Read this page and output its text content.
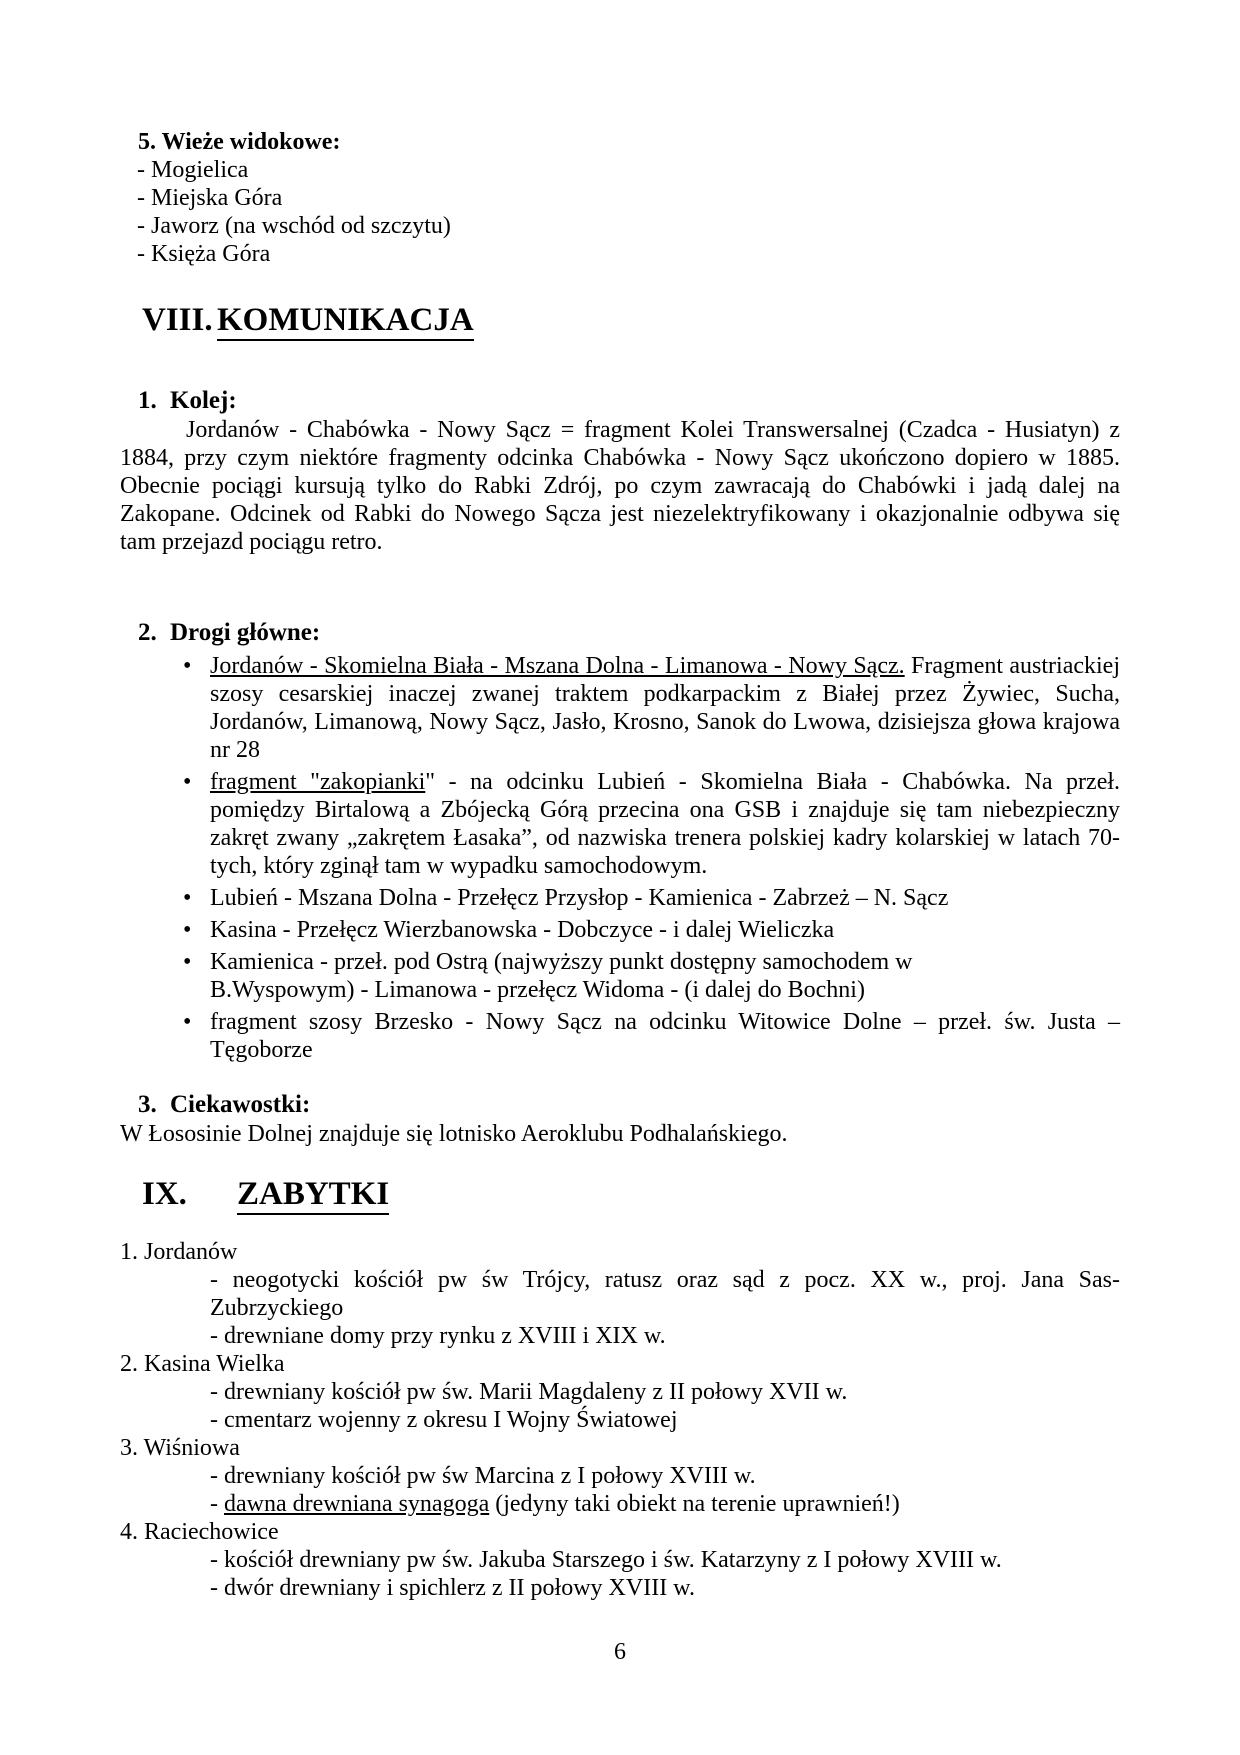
5. Wieże widokowe:

- Mogielica

- Miejska Góra

- Jaworz (na wschód od szczytu)

- Księża Góra

VIII. KOMUNIKACJA
1. Kolej:

Jordanów - Chabówka - Nowy Sącz = fragment Kolei Transwersalnej (Czadca - Husiatyn) z 1884, przy czym niektóre fragmenty odcinka Chabówka - Nowy Sącz ukończono dopiero w 1885. Obecnie pociągi kursują tylko do Rabki Zdrój, po czym zawracają do Chabówki i jadą dalej na Zakopane. Odcinek od Rabki do Nowego Sącza jest niezelektryfikowany i okazjonalnie odbywa się tam przejazd pociągu retro.

2. Drogi główne:
• Jordanów - Skomielna Biała - Mszana Dolna - Limanowa - Nowy Sącz. Fragment austriackiej szosy cesarskiej inaczej zwanej traktem podkarpackim z Białej przez Żywiec, Sucha, Jordanów, Limanową, Nowy Sącz, Jasło, Krosno, Sanok do Lwowa, dzisiejsza głowa krajowa nr 28
• fragment "zakopianki" - na odcinku Lubień - Skomielna Biała - Chabówka. Na przeł. pomiędzy Birtalową a Zbójecką Górą przecina ona GSB i znajduje się tam niebezpieczny zakręt zwany „zakrętem Łasaka”, od nazwiska trenera polskiej kadry kolarskiej w latach 70-tych, który zginął tam w wypadku samochodowym.
• Lubień - Mszana Dolna - Przełęcz Przysłop - Kamienica - Zabrzeż – N. Sącz
• Kasina - Przełęcz Wierzbanowska - Dobczyce - i dalej Wieliczka
• Kamienica - przeł. pod Ostrą (najwyższy punkt dostępny samochodem w
B.Wyspowym) - Limanowa - przełęcz Widoma - (i dalej do Bochni)
• fragment szosy Brzesko - Nowy Sącz na odcinku Witowice Dolne – przeł. św. Justa – Tęgoborze
3. Ciekawostki:

W Łososinie Dolnej znajduje się lotnisko Aeroklubu Podhalańskiego.

IX. ZABYTKI

1. Jordanów

- neogotycki kościół pw św Trójcy, ratusz oraz sąd z pocz. XX w., proj. Jana Sas-Zubrzyckiego

- drewniane domy przy rynku z XVIII i XIX w.

2. Kasina Wielka

- drewniany kościół pw św. Marii Magdaleny z II połowy XVII w.

- cmentarz wojenny z okresu I Wojny Światowej

3. Wiśniowa

- drewniany kościół pw św Marcina z I połowy XVIII w.

- dawna drewniana synagoga (jedyny taki obiekt na terenie uprawnień!)

4. Raciechowice

- kościół drewniany pw św. Jakuba Starszego i św. Katarzyny z I połowy XVIII w.

- dwór drewniany i spichlerz z II połowy XVIII w.

6
